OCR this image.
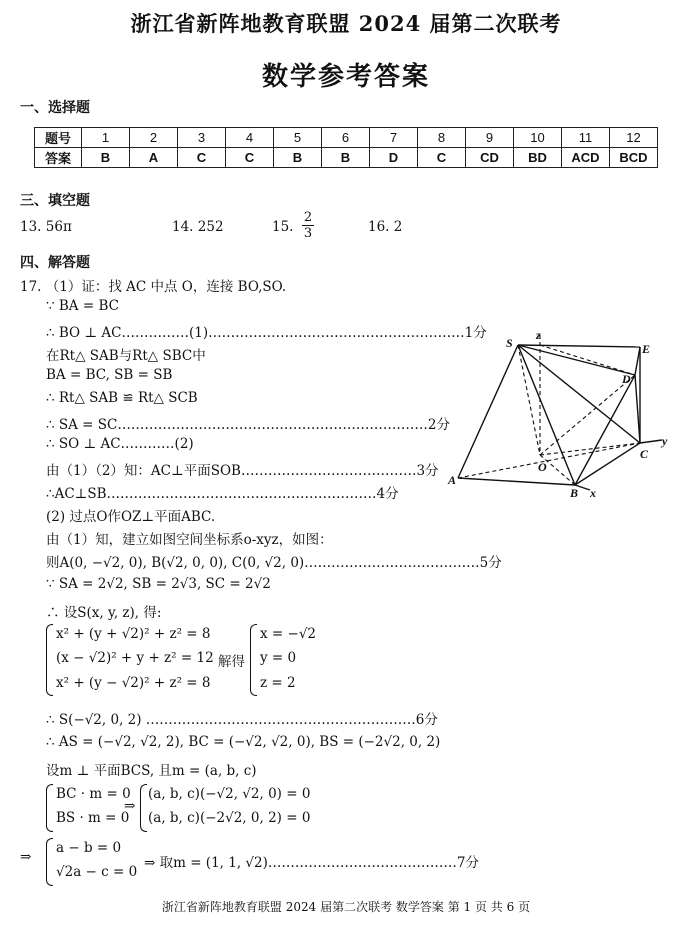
浙江省新阵地教育联盟 2024 届第二次联考
数学参考答案
一、选择题
题号	1	2	3	4	5	6	7	8	9	10	11	12
答案	B	A	C	C	B	B	D	C	CD	BD	ACD	BCD
三、填空题
13. 56π	14. 252	15. $\frac{2}{3}$	16. 2
四、解答题
17. （1）证：找 AC 中点 O，连接 BO,SO.
∵ BA = BC
∴ BO ⊥ AC……………(1)…………………………………………………1分
在Rt△ SAB与Rt△ SBC中
BA = BC, SB = SB
∴ Rt△ SAB ≌ Rt△ SCB
∴ SA = SC……………………………………………………………2分
∴ SO ⊥ AC…………(2)
由（1）（2）知：AC⊥平面SOB…………………………………3分
∴AC⊥SB……………………………………………………4分
(2) 过点O作OZ⊥平面ABC.
由（1）知，建立如图空间坐标系o-xyz，如图：
则A(0, −√2, 0), B(√2, 0, 0), C(0, √2, 0)…………………………………5分
∵ SA = 2√2, SB = 2√3, SC = 2√2
∴ 设S(x, y, z), 得:
x² + (y + √2)² + z² = 8
(x − √2)² + y + z² = 12
x² + (y − √2)² + z² = 8
解得
x = −√2
y = 0
z = 2
∴ S(−√2, 0, 2) ……………………………………………………6分
∴ AS = (−√2, √2, 2), BC = (−√2, √2, 0), BS = (−2√2, 0, 2)
设m ⊥ 平面BCS, 且m = (a, b, c)
BC · m = 0
BS · m = 0
⇒
(a, b, c)(−√2, √2, 0) = 0
(a, b, c)(−2√2, 0, 2) = 0
⇒
a − b = 0
√2a − c = 0
⇒ 取m = (1, 1, √2)……………………………………7分
S
z
E
D
O
C
y
A
B x
浙江省新阵地教育联盟 2024 届第二次联考 数学答案 第 1 页 共 6 页
